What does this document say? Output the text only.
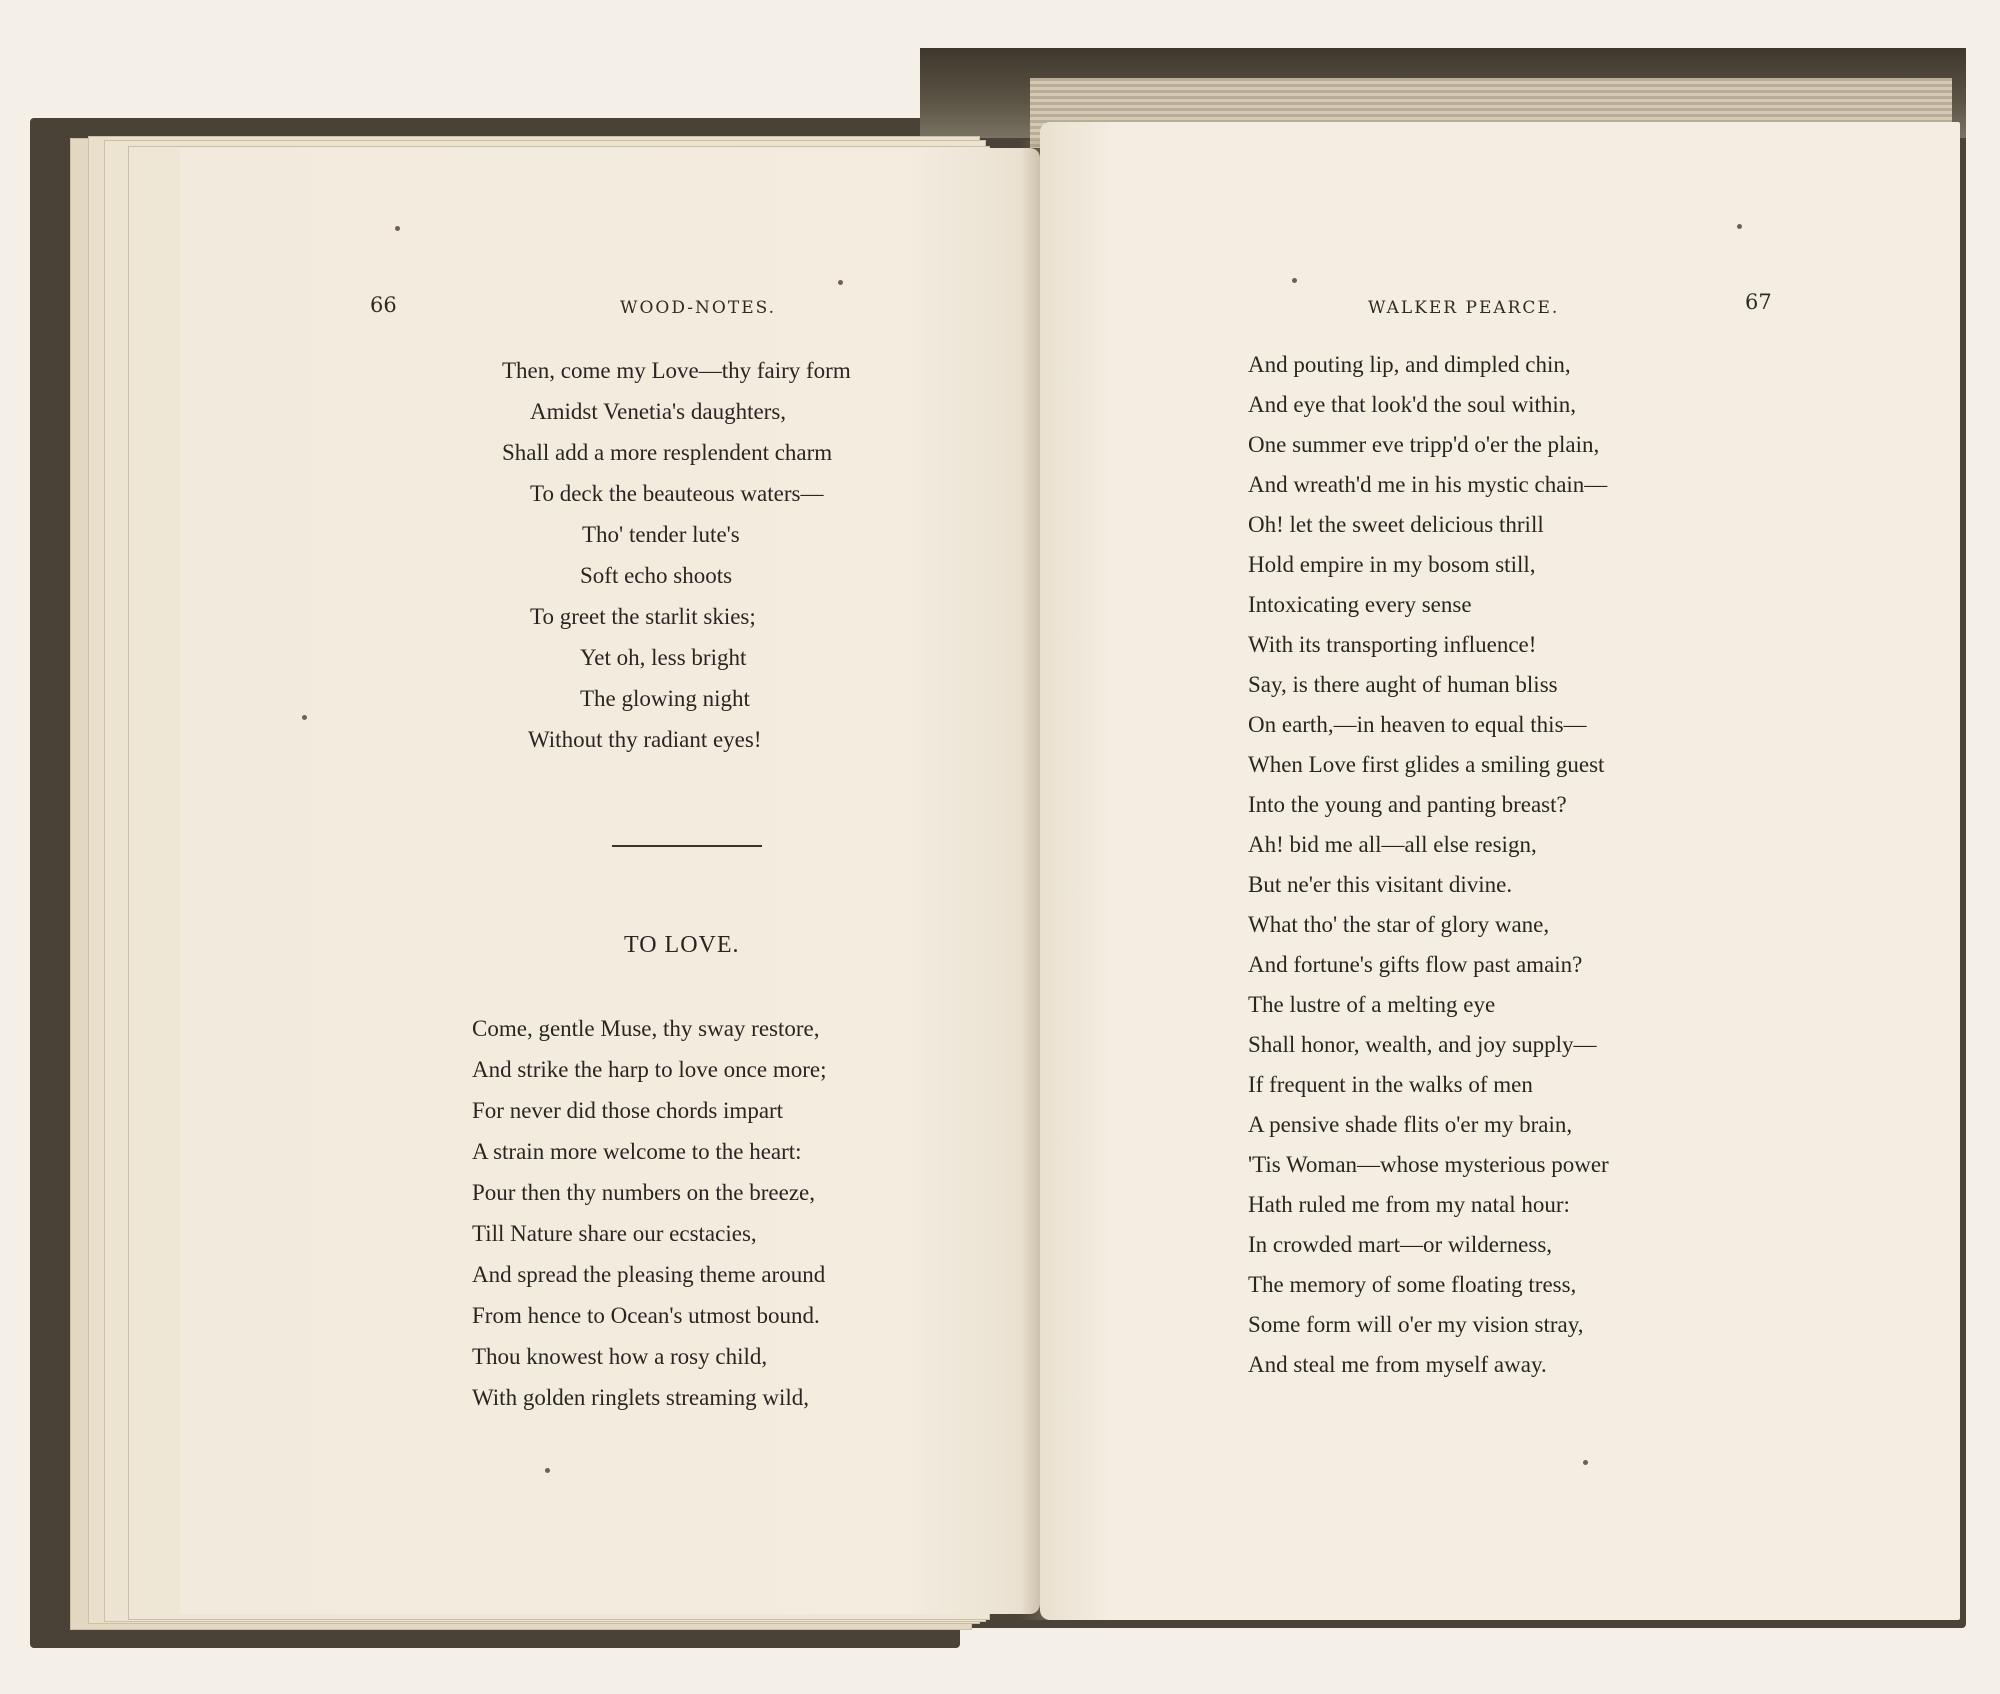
66	WOOD-NOTES.
Then, come my Love—thy fairy form
Amidst Venetia's daughters,
Shall add a more resplendent charm
To deck the beauteous waters—
Tho' tender lute's
Soft echo shoots
To greet the starlit skies;
Yet oh, less bright
The glowing night
Without thy radiant eyes!
TO LOVE.
Come, gentle Muse, thy sway restore,
And strike the harp to love once more;
For never did those chords impart
A strain more welcome to the heart:
Pour then thy numbers on the breeze,
Till Nature share our ecstacies,
And spread the pleasing theme around
From hence to Ocean's utmost bound.
Thou knowest how a rosy child,
With golden ringlets streaming wild,
WALKER PEARCE.	67
And pouting lip, and dimpled chin,
And eye that look'd the soul within,
One summer eve tripp'd o'er the plain,
And wreath'd me in his mystic chain—
Oh! let the sweet delicious thrill
Hold empire in my bosom still,
Intoxicating every sense
With its transporting influence!
Say, is there aught of human bliss
On earth,—in heaven to equal this—
When Love first glides a smiling guest
Into the young and panting breast?
Ah! bid me all—all else resign,
But ne'er this visitant divine.
What tho' the star of glory wane,
And fortune's gifts flow past amain?
The lustre of a melting eye
Shall honor, wealth, and joy supply—
If frequent in the walks of men
A pensive shade flits o'er my brain,
'Tis Woman—whose mysterious power
Hath ruled me from my natal hour:
In crowded mart—or wilderness,
The memory of some floating tress,
Some form will o'er my vision stray,
And steal me from myself away.
